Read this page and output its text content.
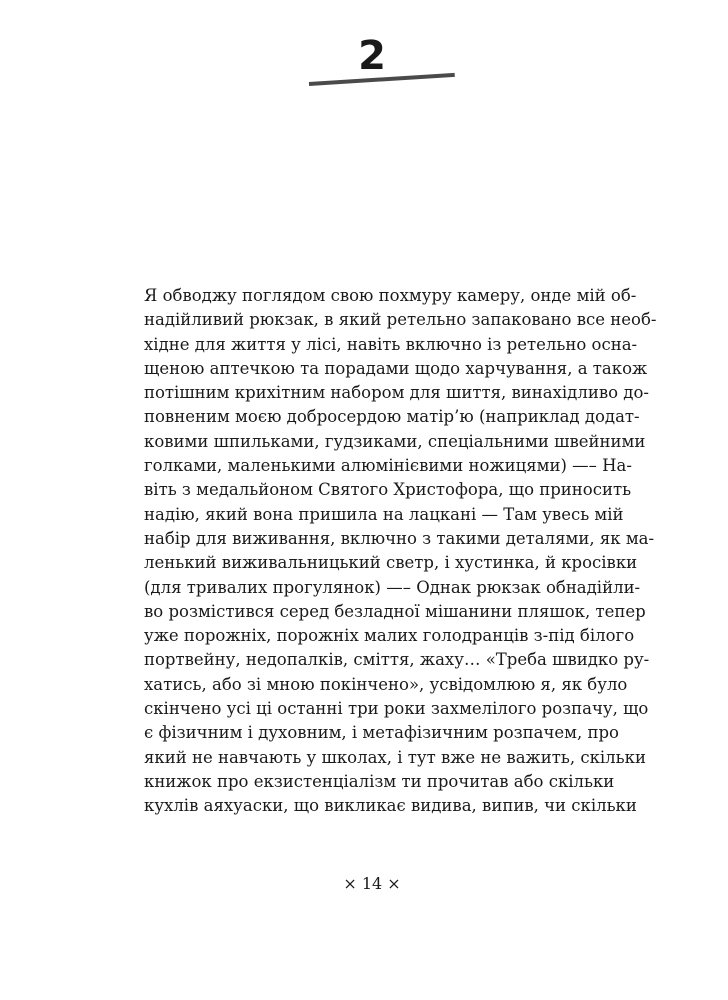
2
Я обводжу поглядом свою похмуру камеру, онде мій об-
надійливий рюкзак, в який ретельно запаковано все необ-
хідне для життя у лісі, навіть включно із ретельно осна-
щеною аптечкою та порадами щодо харчування, а також
потішним крихітним набором для шиття, винахідливо до-
повненим моєю добросердою матір’ю (наприклад додат-
ковими шпильками, гудзиками, спеціальними швейними
голками, маленькими алюмінієвими ножицями) —– На-
віть з медальйоном Святого Христофора, що приносить
надію, який вона пришила на лацкані — Там увесь мій
набір для виживання, включно з такими деталями, як ма-
ленький виживальницький светр, і хустинка, й кросівки
(для тривалих прогулянок) —– Однак рюкзак обнадійли-
во розмістився серед безладної мішанини пляшок, тепер
уже порожніх, порожніх малих голодранців з-під білого
портвейну, недопалків, сміття, жаху… «Треба швидко ру-
хатись, або зі мною покінчено», усвідомлюю я, як було
скінчено усі ці останні три роки захмелілого розпачу, що
є фізичним і духовним, і метафізичним розпачем, про
який не навчають у школах, і тут вже не важить, скільки
книжок про екзистенціалізм ти прочитав або скільки
кухлів аяхуаски, що викликає видива, випив, чи скільки
× 14 ×
